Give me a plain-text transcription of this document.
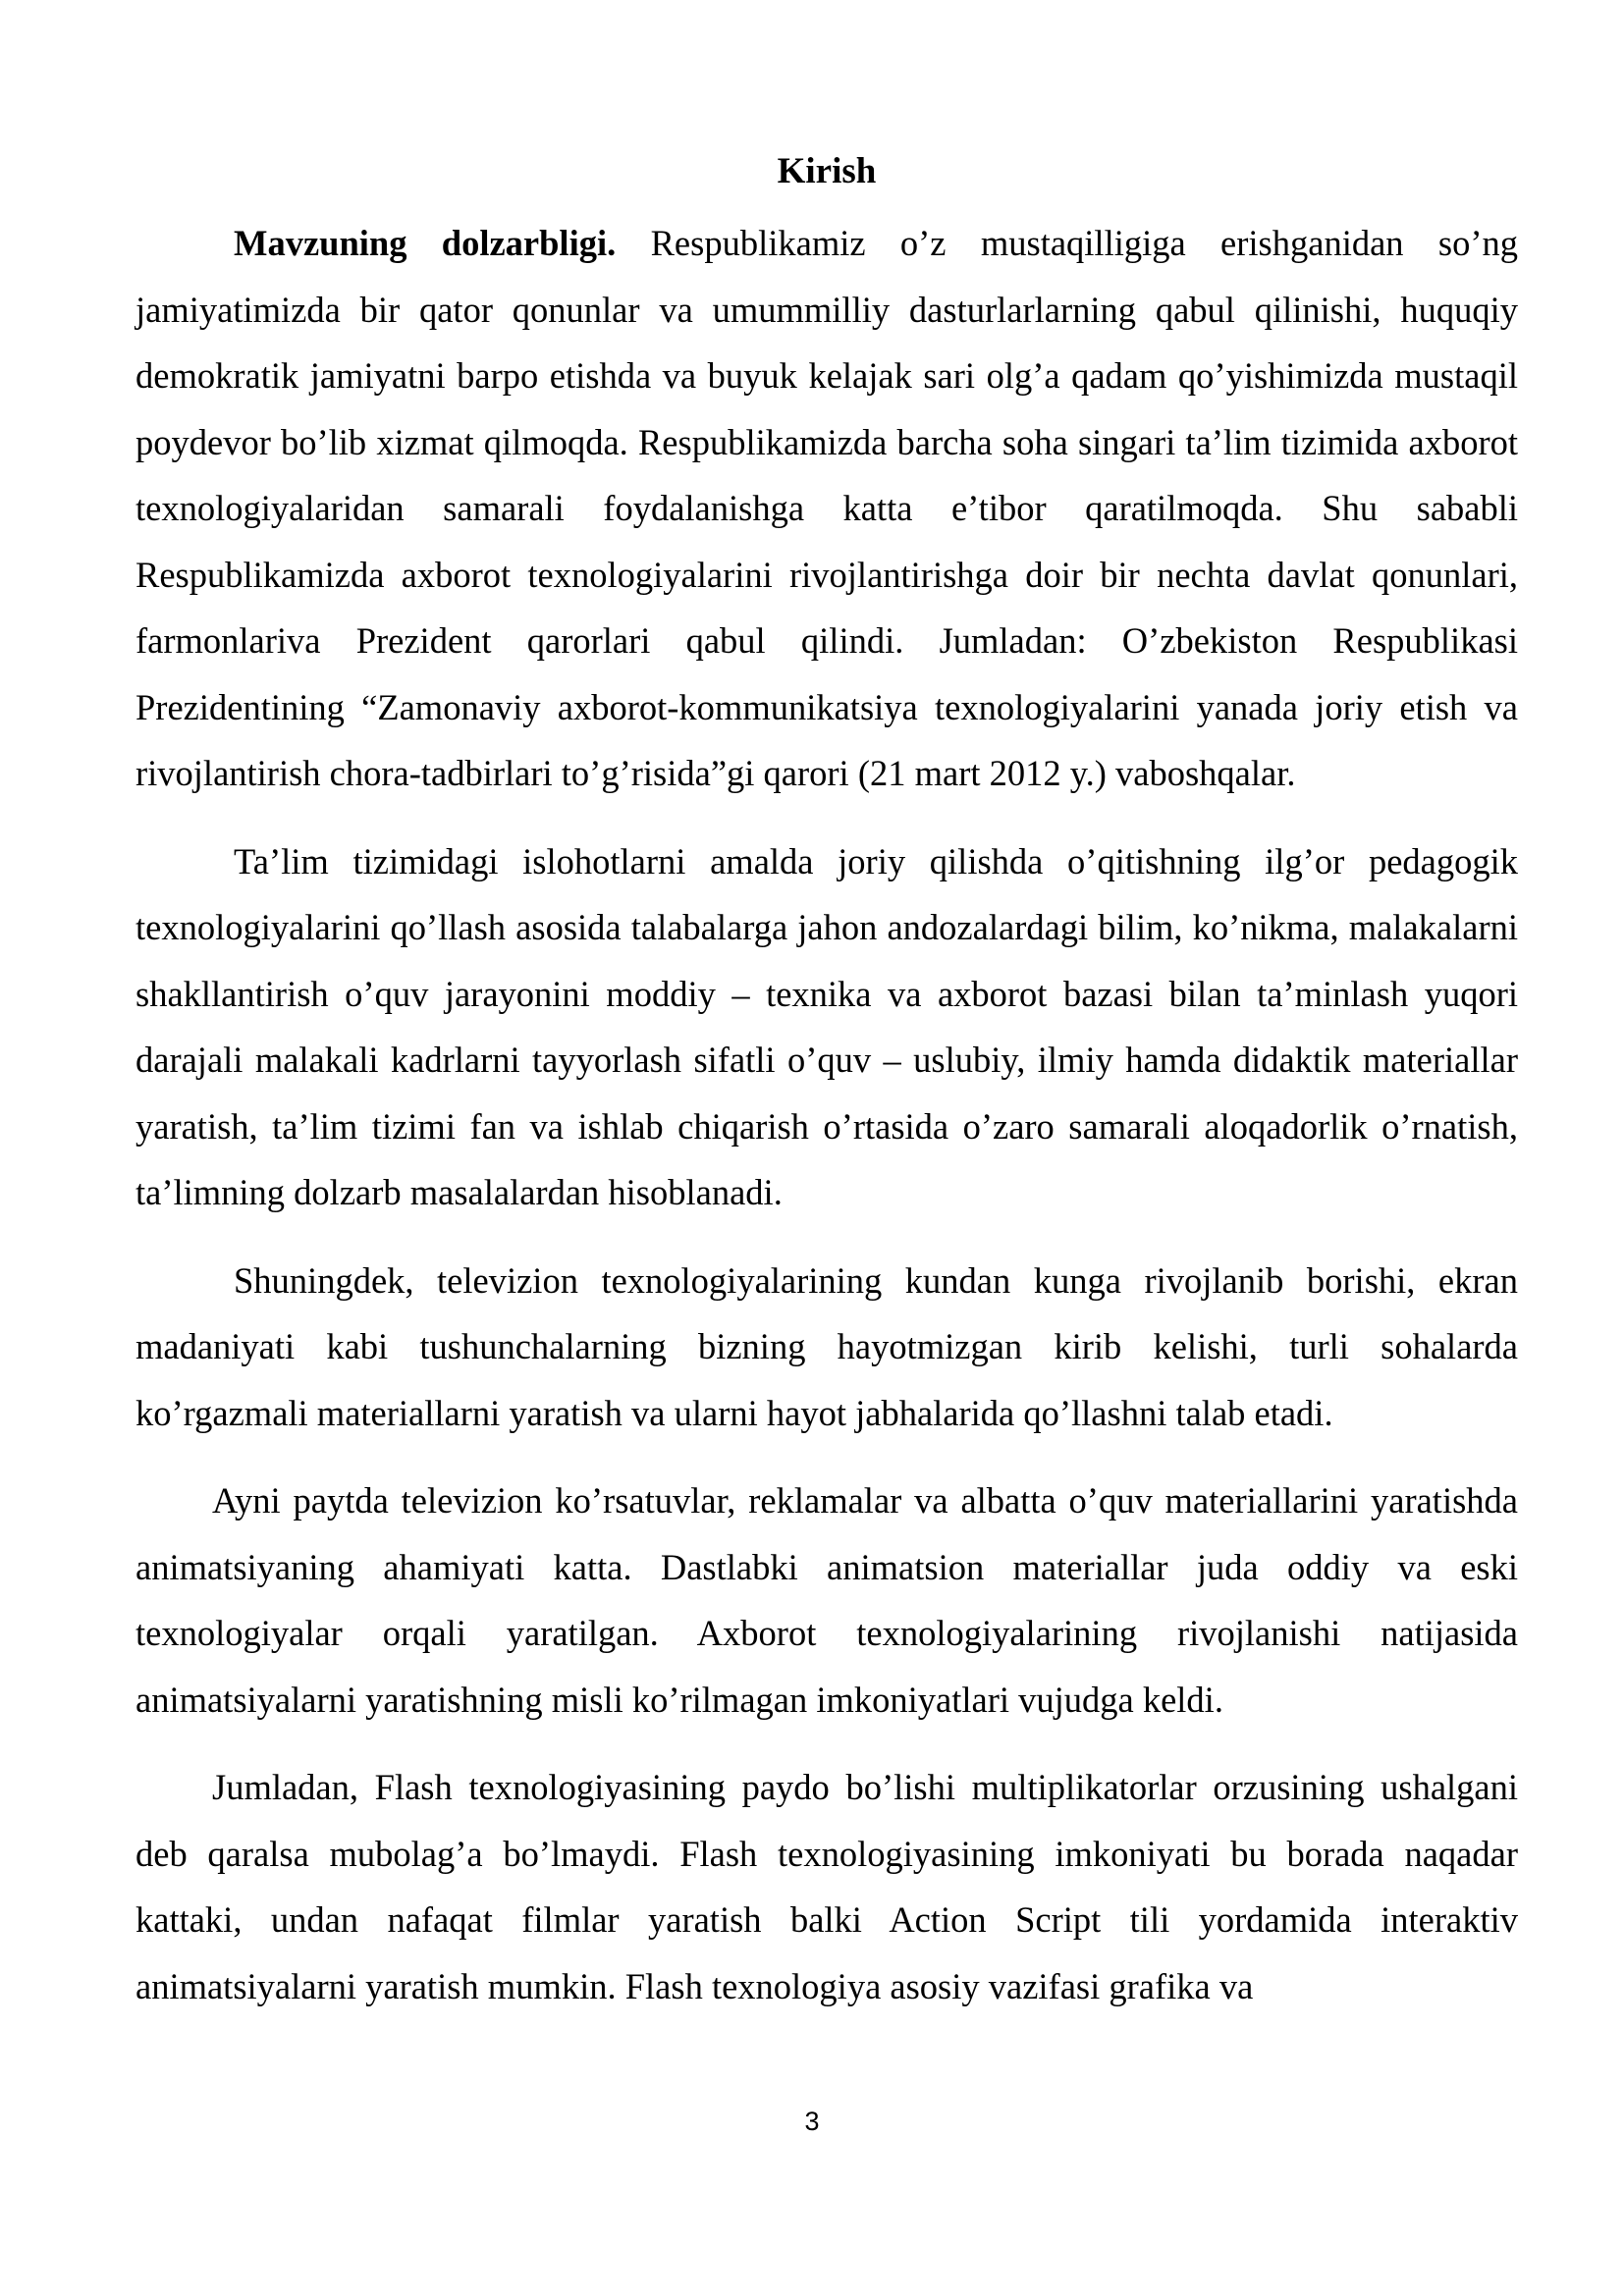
Kirish

Mavzuning dolzarbligi. Respublikamiz o’z mustaqilligiga erishganidan so’ng jamiyatimizda bir qator qonunlar va umummilliy dasturlarlarning qabul qilinishi, huquqiy demokratik jamiyatni barpo etishda va buyuk kelajak sari olg’a qadam qo’yishimizda mustaqil poydevor bo’lib xizmat qilmoqda. Respublikamizda barcha soha singari ta’lim tizimida axborot texnologiyalaridan samarali foydalanishga katta e’tibor qaratilmoqda. Shu sababli Respublikamizda axborot texnologiyalarini rivojlantirishga doir bir nechta davlat qonunlari, farmonlariva Prezident qarorlari qabul qilindi. Jumladan: O’zbekiston Respublikasi Prezidentining “Zamonaviy axborot-kommunikatsiya texnologiyalarini yanada joriy etish va rivojlantirish chora-tadbirlari to’g’risida”gi qarori (21 mart 2012 y.) vaboshqalar.

Ta’lim tizimidagi islohotlarni amalda joriy qilishda o’qitishning ilg’or pedagogik texnologiyalarini qo’llash asosida talabalarga jahon andozalardagi bilim, ko’nikma, malakalarni shakllantirish o’quv jarayonini moddiy – texnika va axborot bazasi bilan ta’minlash yuqori darajali malakali kadrlarni tayyorlash sifatli o’quv – uslubiy, ilmiy hamda didaktik materiallar yaratish, ta’lim tizimi fan va ishlab chiqarish o’rtasida o’zaro samarali aloqadorlik o’rnatish, ta’limning dolzarb masalalardan hisoblanadi.

Shuningdek, televizion texnologiyalarining kundan kunga rivojlanib borishi, ekran madaniyati kabi tushunchalarning bizning hayotmizgan kirib kelishi, turli sohalarda ko’rgazmali materiallarni yaratish va ularni hayot jabhalarida qo’llashni talab etadi.

Ayni paytda televizion ko’rsatuvlar, reklamalar va albatta o’quv materiallarini yaratishda animatsiyaning ahamiyati katta. Dastlabki animatsion materiallar juda oddiy va eski texnologiyalar orqali yaratilgan. Axborot texnologiyalarining rivojlanishi natijasida animatsiyalarni yaratishning misli ko’rilmagan imkoniyatlari vujudga keldi.

Jumladan, Flash texnologiyasining paydo bo’lishi multiplikatorlar orzusining ushalgani deb qaralsa mubolag’a bo’lmaydi. Flash texnologiyasining imkoniyati bu borada naqadar kattaki, undan nafaqat filmlar yaratish balki Action Script tili yordamida interaktiv animatsiyalarni yaratish mumkin. Flash texnologiya asosiy vazifasi grafika va

3
